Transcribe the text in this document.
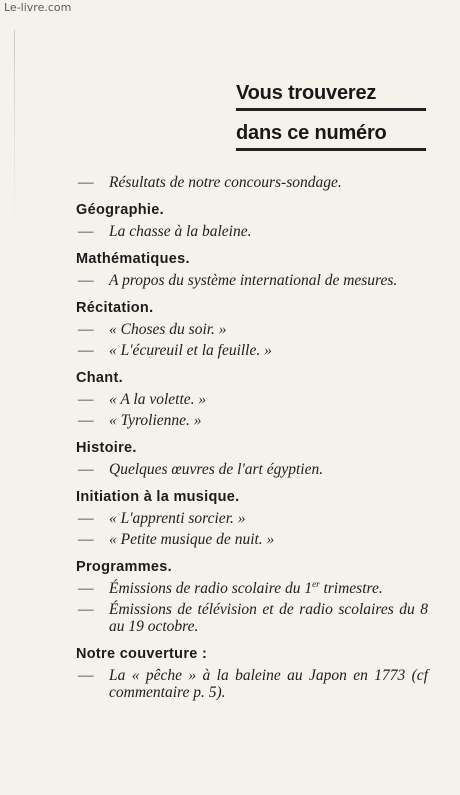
Le-livre.com
Vous trouverez
dans ce numéro
— Résultats de notre concours-sondage.
Géographie.
— La chasse à la baleine.
Mathématiques.
— A propos du système international de mesures.
Récitation.
— « Choses du soir. »
— « L'écureuil et la feuille. »
Chant.
— « A la volette. »
— « Tyrolienne. »
Histoire.
— Quelques œuvres de l'art égyptien.
Initiation à la musique.
— « L'apprenti sorcier. »
— « Petite musique de nuit. »
Programmes.
— Émissions de radio scolaire du 1er trimestre.
— Émissions de télévision et de radio scolaires du 8 au 19 octobre.
Notre couverture :
— La « pêche » à la baleine au Japon en 1773 (cf commentaire p. 5).
